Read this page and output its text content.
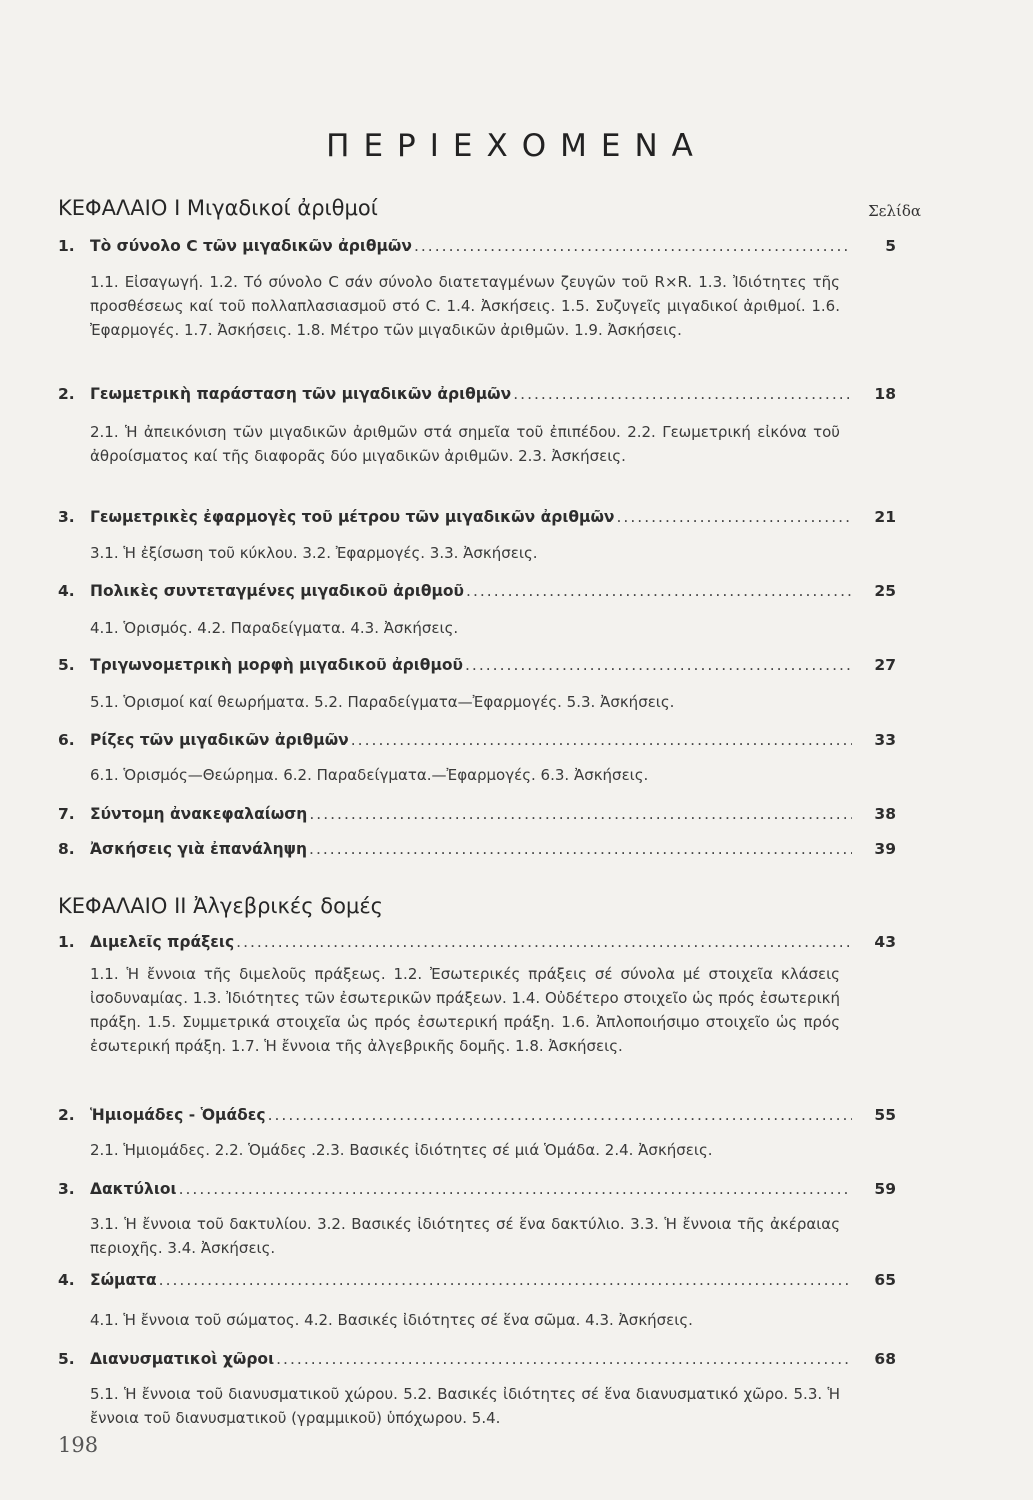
ΠΕΡΙΕΧΟΜΕΝΑ
ΚΕΦΑΛΑΙΟ I Μιγαδικοί ἀριθμοί	Σελίδα
1. Τὸ σύνολο C τῶν μιγαδικῶν ἀριθμῶν .....	5
1.1. Εἰσαγωγή. 1.2. Τό σύνολο C σάν σύνολο διατεταγμένων ζευγῶν τοῦ R×R. 1.3. Ἰδιότητες τῆς προσθέσεως καί τοῦ πολλαπλασιασμοῦ στό C. 1.4. Ἀσκήσεις. 1.5. Συζυγεῖς μιγαδικοί ἀριθμοί. 1.6. Ἐφαρμογές. 1.7. Ἀσκήσεις. 1.8. Μέτρο τῶν μιγαδικῶν ἀριθμῶν. 1.9. Ἀσκήσεις.
2. Γεωμετρικὴ παράσταση τῶν μιγαδικῶν ἀριθμῶν .....	18
2.1. Ἡ ἀπεικόνιση τῶν μιγαδικῶν ἀριθμῶν στά σημεῖα τοῦ ἐπιπέδου. 2.2. Γεωμετρική εἰκόνα τοῦ ἀθροίσματος καί τῆς διαφορᾶς δύο μιγαδικῶν ἀριθμῶν. 2.3. Ἀσκήσεις.
3. Γεωμετρικὲς ἐφαρμογὲς τοῦ μέτρου τῶν μιγαδικῶν ἀριθμῶν .....	21
3.1. Ἡ ἐξίσωση τοῦ κύκλου. 3.2. Ἐφαρμογές. 3.3. Ἀσκήσεις.
4. Πολικὲς συντεταγμένες μιγαδικοῦ ἀριθμοῦ .....	25
4.1. Ὁρισμός. 4.2. Παραδείγματα. 4.3. Ἀσκήσεις.
5. Τριγωνομετρικὴ μορφὴ μιγαδικοῦ ἀριθμοῦ .....	27
5.1. Ὁρισμοί καί θεωρήματα. 5.2. Παραδείγματα—Ἐφαρμογές. 5.3. Ἀσκήσεις.
6. Ρίζες τῶν μιγαδικῶν ἀριθμῶν .....	33
6.1. Ὁρισμός—Θεώρημα. 6.2. Παραδείγματα.—Ἐφαρμογές. 6.3. Ἀσκήσεις.
7. Σύντομη ἀνακεφαλαίωση .....	38
8. Ἀσκήσεις γιὰ ἐπανάληψη .....	39
ΚΕΦΑΛΑΙΟ II Ἀλγεβρικές δομές
1. Διμελεῖς πράξεις .....	43
1.1. Ἡ ἔννοια τῆς διμελοῦς πράξεως. 1.2. Ἐσωτερικές πράξεις σέ σύνολα μέ στοιχεῖα κλάσεις ἰσοδυναμίας. 1.3. Ἰδιότητες τῶν ἐσωτερικῶν πράξεων. 1.4. Οὐδέτερο στοιχεῖο ὡς πρός ἐσωτερική πράξη. 1.5. Συμμετρικά στοιχεῖα ὡς πρός ἐσωτερική πράξη. 1.6. Ἀπλοποιήσιμο στοιχεῖο ὡς πρός ἐσωτερική πράξη. 1.7. Ἡ ἔννοια τῆς ἀλγεβρικῆς δομῆς. 1.8. Ἀσκήσεις.
2. Ἡμιομάδες - Ὁμάδες .....	55
2.1. Ἡμιομάδες. 2.2. Ὁμάδες .2.3. Βασικές ἰδιότητες σέ μιά Ὁμάδα. 2.4. Ἀσκήσεις.
3. Δακτύλιοι .....	59
3.1. Ἡ ἔννοια τοῦ δακτυλίου. 3.2. Βασικές ἰδιότητες σέ ἕνα δακτύλιο. 3.3. Ἡ ἔννοια τῆς ἀκέραιας περιοχῆς. 3.4. Ἀσκήσεις.
4. Σώματα .....	65
4.1. Ἡ ἔννοια τοῦ σώματος. 4.2. Βασικές ἰδιότητες σέ ἕνα σῶμα. 4.3. Ἀσκήσεις.
5. Διανυσματικοὶ χῶροι .....	68
5.1. Ἡ ἔννοια τοῦ διανυσματικοῦ χώρου. 5.2. Βασικές ἰδιότητες σέ ἕνα διανυσματικό χῶρο. 5.3. Ἡ ἔννοια τοῦ διανυσματικοῦ (γραμμικοῦ) ὑπόχωρου. 5.4.
198
